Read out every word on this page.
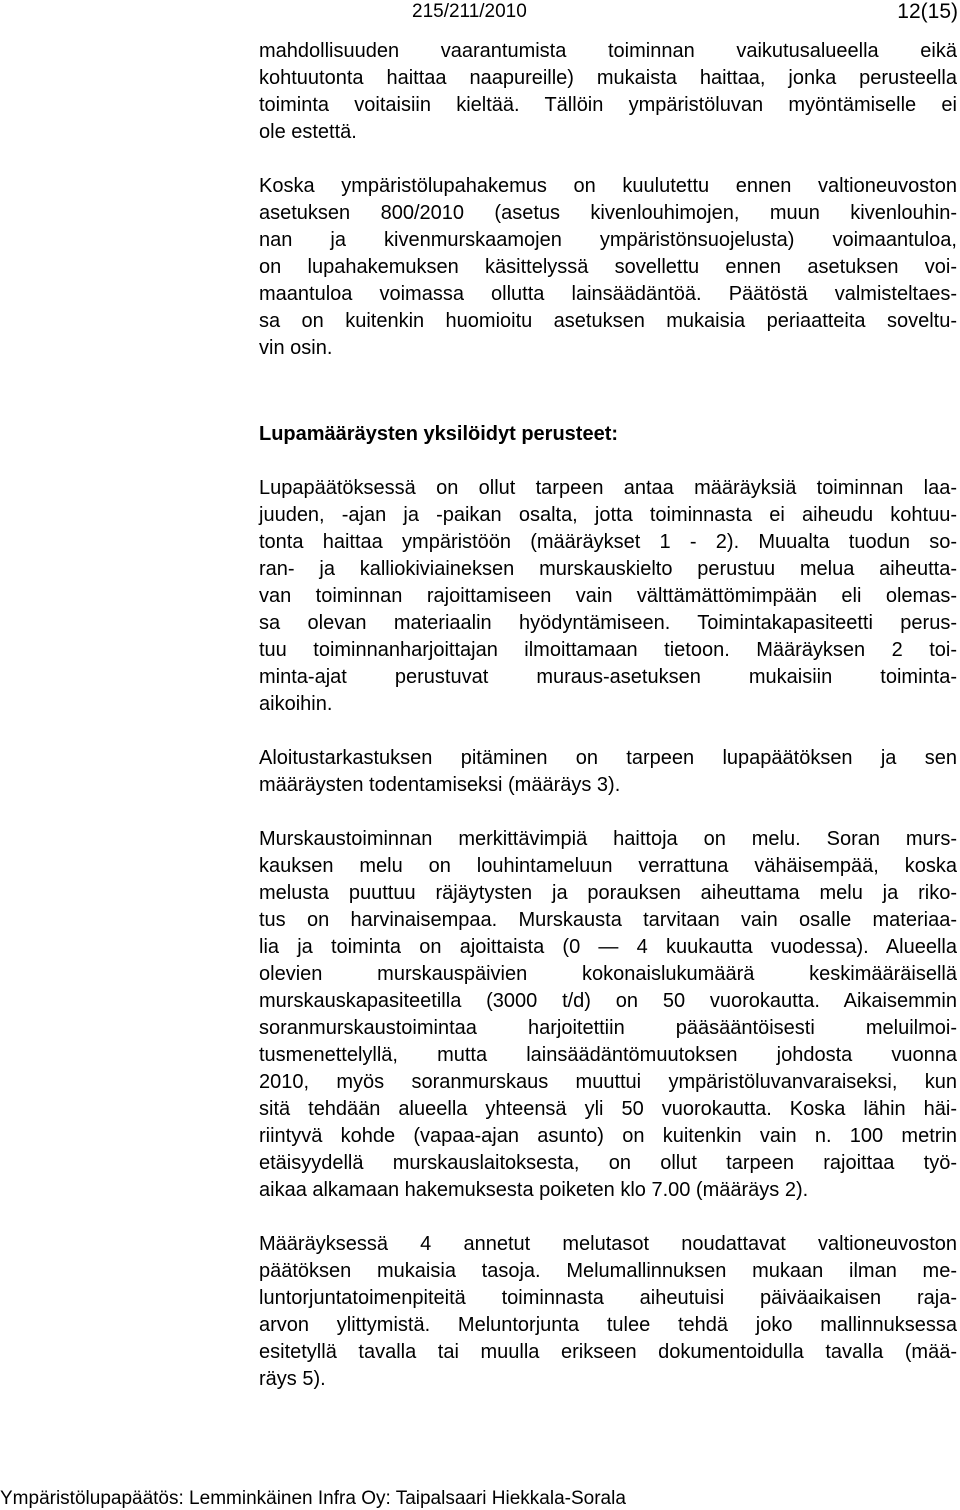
215/211/2010	12(15)
mahdollisuuden vaarantumista toiminnan vaikutusalueella eikä
kohtuutonta haittaa naapureille) mukaista haittaa, jonka perusteella
toiminta voitaisiin kieltää. Tällöin ympäristöluvan myöntämiselle ei
ole estettä.
Koska ympäristölupahakemus on kuulutettu ennen valtioneuvoston
asetuksen 800/2010 (asetus kivenlouhimojen, muun kivenlouhin-
nan ja kivenmurskaamojen ympäristönsuojelusta) voimaantuloa,
on lupahakemuksen käsittelyssä sovellettu ennen asetuksen voi-
maantuloa voimassa ollutta lainsäädäntöä. Päätöstä valmisteltaes-
sa on kuitenkin huomioitu asetuksen mukaisia periaatteita soveltu-
vin osin.
Lupamääräysten yksilöidyt perusteet:
Lupapäätöksessä on ollut tarpeen antaa määräyksiä toiminnan laa-
juuden, -ajan ja -paikan osalta, jotta toiminnasta ei aiheudu kohtuu-
tonta haittaa ympäristöön (määräykset 1 - 2). Muualta tuodun so-
ran- ja kalliokiviaineksen murskauskielto perustuu melua aiheutta-
van toiminnan rajoittamiseen vain välttämättömimpään eli olemas-
sa olevan materiaalin hyödyntämiseen. Toimintakapasiteetti perus-
tuu toiminnanharjoittajan ilmoittamaan tietoon. Määräyksen 2 toi-
minta-ajat perustuvat muraus-asetuksen mukaisiin toiminta-
aikoihin.
Aloitustarkastuksen pitäminen on tarpeen lupapäätöksen ja sen
määräysten todentamiseksi (määräys 3).
Murskaustoiminnan merkittävimpiä haittoja on melu. Soran murs-
kauksen melu on louhintameluun verrattuna vähäisempää, koska
melusta puuttuu räjäytysten ja porauksen aiheuttama melu ja riko-
tus on harvinaisempaa. Murskausta tarvitaan vain osalle materiaa-
lia ja toiminta on ajoittaista (0 — 4 kuukautta vuodessa). Alueella
olevien murskauspäivien kokonaislukumäärä keskimääräisellä
murskauskapasiteetilla (3000 t/d) on 50 vuorokautta. Aikaisemmin
soranmurskaustoimintaa harjoitettiin pääsääntöisesti meluilmoi-
tusmenettelyllä, mutta lainsäädäntömuutoksen johdosta vuonna
2010, myös soranmurskaus muuttui ympäristöluvanvaraiseksi, kun
sitä tehdään alueella yhteensä yli 50 vuorokautta. Koska lähin häi-
riintyvä kohde (vapaa-ajan asunto) on kuitenkin vain n. 100 metrin
etäisyydellä murskauslaitoksesta, on ollut tarpeen rajoittaa työ-
aikaa alkamaan hakemuksesta poiketen klo 7.00 (määräys 2).
Määräyksessä 4 annetut melutasot noudattavat valtioneuvoston
päätöksen mukaisia tasoja. Melumallinnuksen mukaan ilman me-
luntorjuntatoimenpiteitä toiminnasta aiheutuisi päiväaikaisen raja-
arvon ylittymistä. Meluntorjunta tulee tehdä joko mallinnuksessa
esitetyllä tavalla tai muulla erikseen dokumentoidulla tavalla (mää-
räys 5).
Ympäristölupapäätös: Lemminkäinen Infra Oy: Taipalsaari Hiekkala-Sorala
